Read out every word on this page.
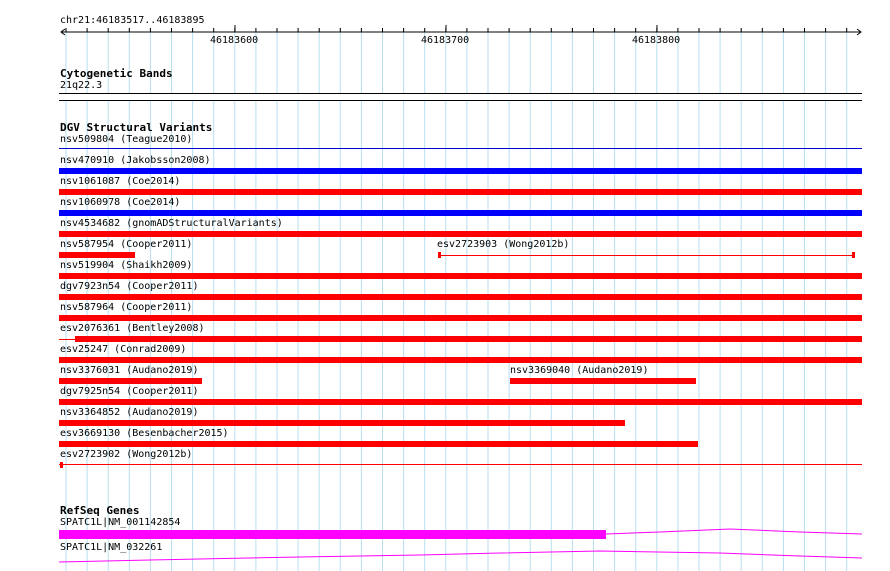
chr21:46183517..46183895
46183600	46183700	46183800
Cytogenetic Bands
21q22.3
DGV Structural Variants
nsv509804 (Teague2010)
nsv470910 (Jakobsson2008)
nsv1061087 (Coe2014)
nsv1060978 (Coe2014)
nsv4534682 (gnomADStructuralVariants)
nsv587954 (Cooper2011)	esv2723903 (Wong2012b)
nsv519904 (Shaikh2009)
dgv7923n54 (Cooper2011)
nsv587964 (Cooper2011)
esv2076361 (Bentley2008)
esv25247 (Conrad2009)
nsv3376031 (Audano2019)	nsv3369040 (Audano2019)
dgv7925n54 (Cooper2011)
nsv3364852 (Audano2019)
esv3669130 (Besenbacher2015)
esv2723902 (Wong2012b)
RefSeq Genes
SPATC1L|NM_001142854
SPATC1L|NM_032261
